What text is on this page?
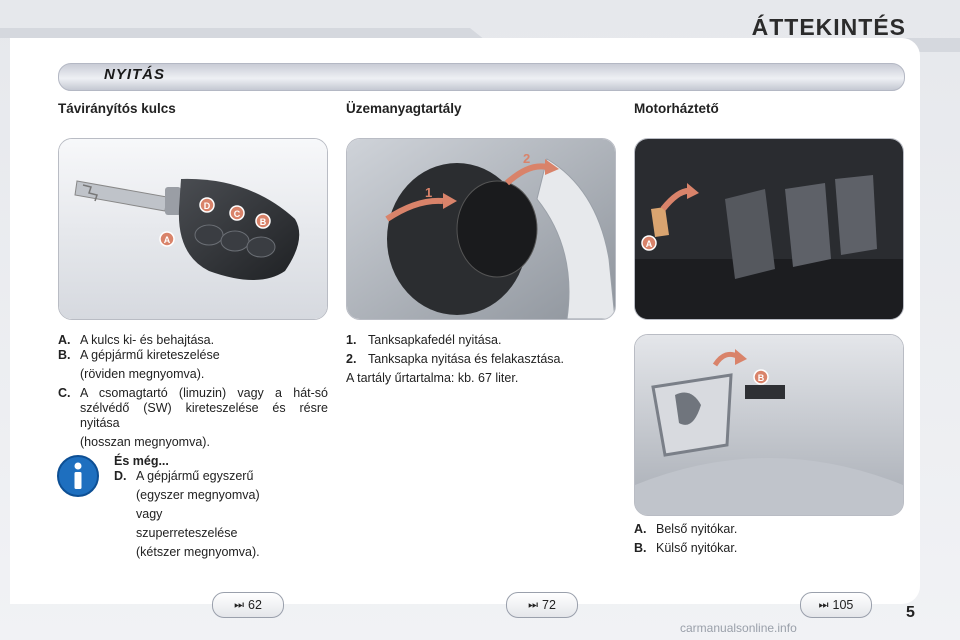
ÁTTEKINTÉS
NYITÁS
Távirányítós kulcs	Üzemanyagtartály	Motorháztető
D
C
B
A
1
2
A
B
A. A kulcs ki- és behajtása.
B. A gépjármű kireteszelése
(röviden megnyomva).
C. A csomagtartó (limuzin) vagy a hát-só szélvédő (SW) kireteszelése és résre nyitása
(hosszan megnyomva).
És még...
D. A gépjármű egyszerű
(egyszer megnyomva)
vagy
szuperreteszelése
(kétszer megnyomva).
1. Tanksapkafedél nyitása.
2. Tanksapka nyitása és felakasztása.
A tartály űrtartalma: kb. 67 liter.
A. Belső nyitókar.
B. Külső nyitókar.
⏭ 62	⏭ 72	⏭ 105	5
carmanualsonline.info
